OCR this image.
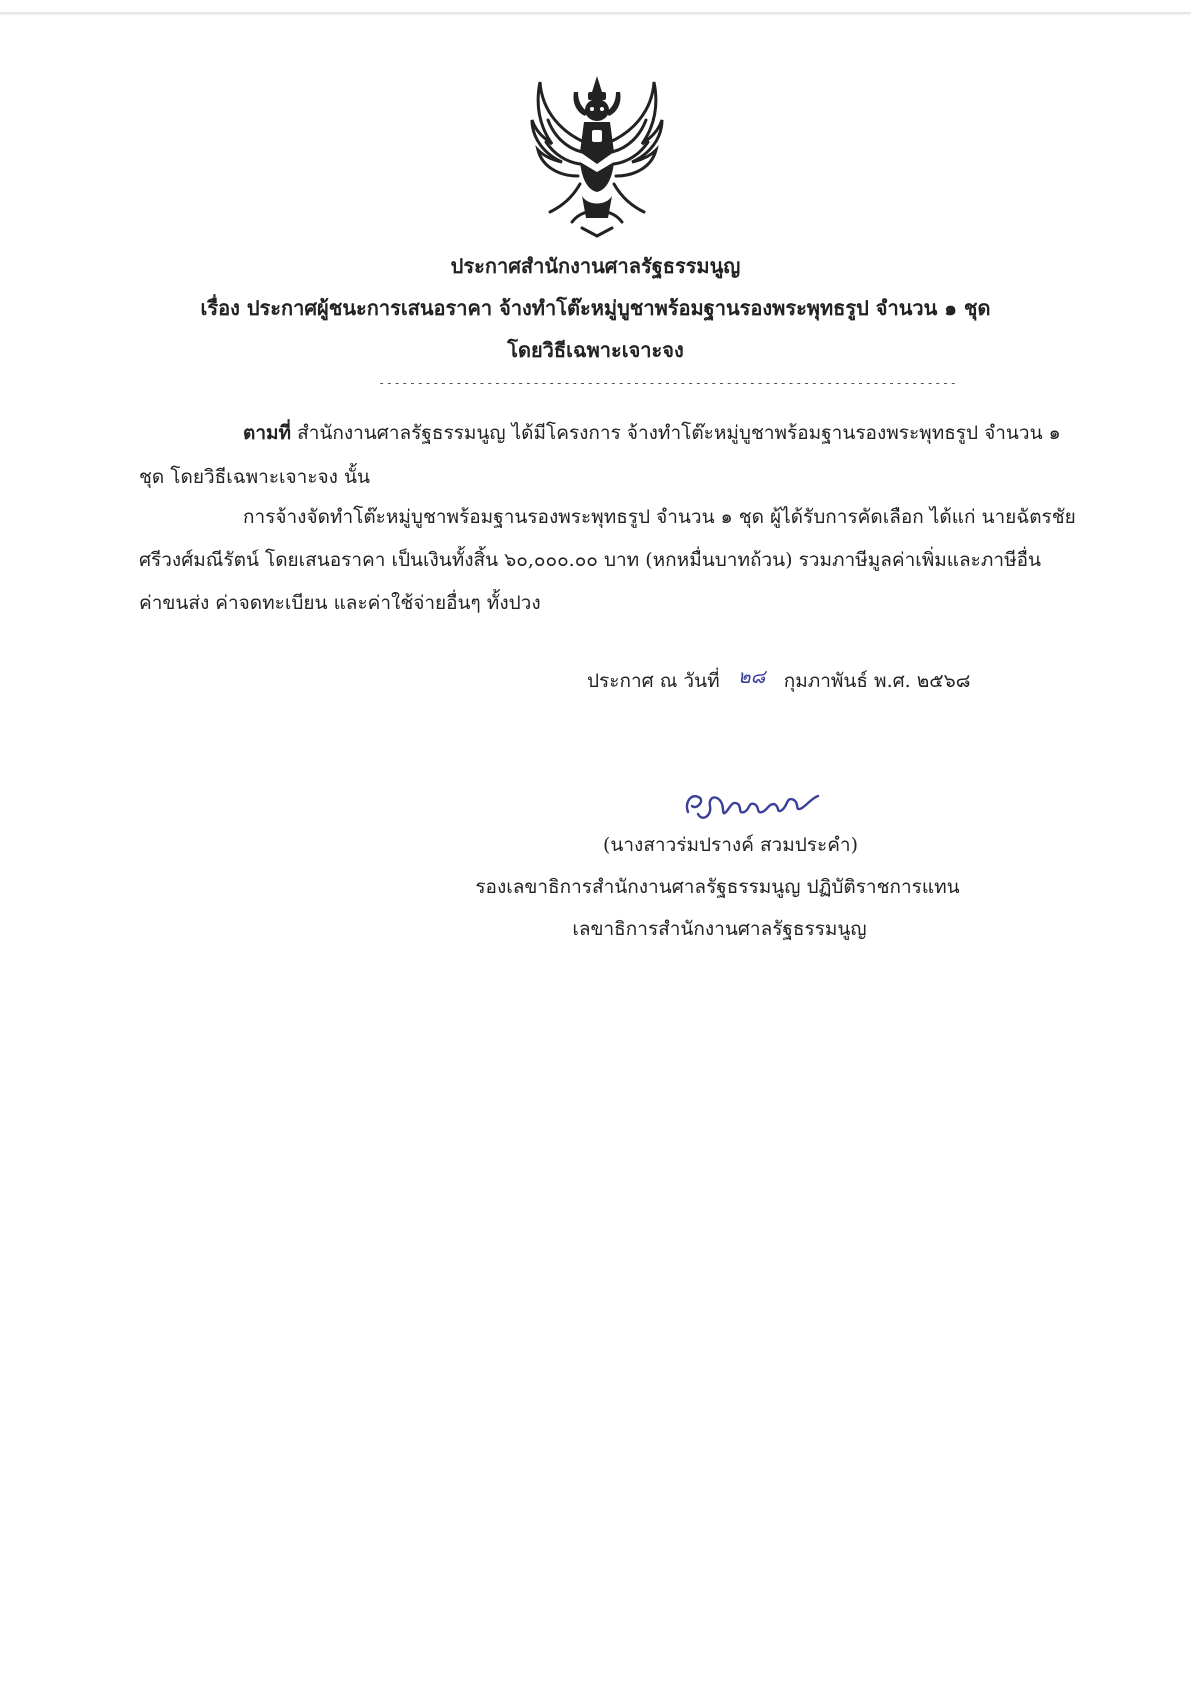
ประกาศสำนักงานศาลรัฐธรรมนูญ
เรื่อง ประกาศผู้ชนะการเสนอราคา จ้างทำโต๊ะหมู่บูชาพร้อมฐานรองพระพุทธรูป จำนวน ๑ ชุด
โดยวิธีเฉพาะเจาะจง
---------------------------------------------------------------------------
ตามที่ สำนักงานศาลรัฐธรรมนูญ ได้มีโครงการ จ้างทำโต๊ะหมู่บูชาพร้อมฐานรองพระพุทธรูป จำนวน ๑
ชุด โดยวิธีเฉพาะเจาะจง นั้น
การจ้างจัดทำโต๊ะหมู่บูชาพร้อมฐานรองพระพุทธรูป จำนวน ๑ ชุด ผู้ได้รับการคัดเลือก ได้แก่ นายฉัตรชัย
ศรีวงศ์มณีรัตน์ โดยเสนอราคา เป็นเงินทั้งสิ้น ๖๐,๐๐๐.๐๐ บาท (หกหมื่นบาทถ้วน) รวมภาษีมูลค่าเพิ่มและภาษีอื่น
ค่าขนส่ง ค่าจดทะเบียน และค่าใช้จ่ายอื่นๆ ทั้งปวง
ประกาศ ณ วันที่ ๒๘ กุมภาพันธ์ พ.ศ. ๒๕๖๘
(นางสาวร่มปรางค์ สวมประคำ)
รองเลขาธิการสำนักงานศาลรัฐธรรมนูญ ปฏิบัติราชการแทน
เลขาธิการสำนักงานศาลรัฐธรรมนูญ
